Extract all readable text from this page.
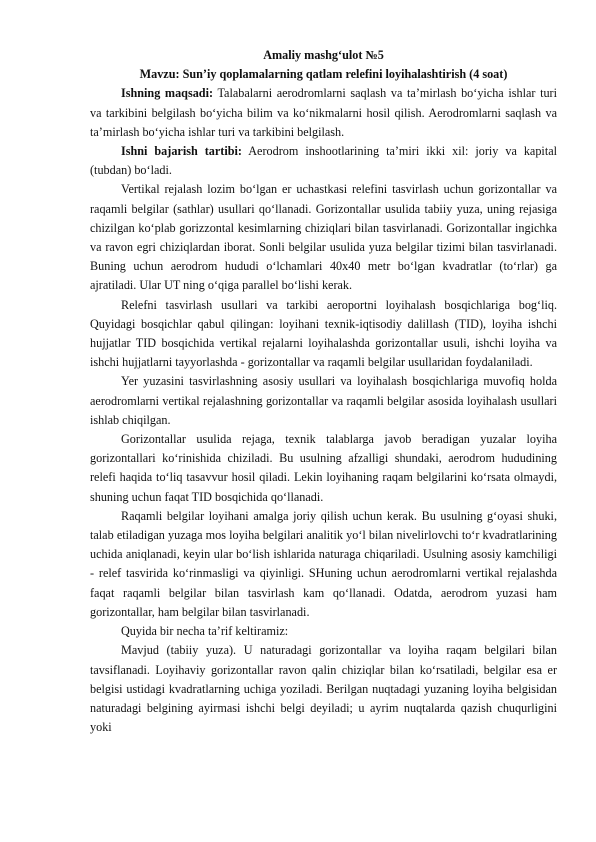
Amaliy mashg‘ulot №5
Mavzu: Sun’iy qoplamalarning qatlam relefini loyihalashtirish (4 soat)

Ishning maqsadi: Talabalarni aerodromlarni saqlash va ta’mirlash bo‘yicha ishlar turi va tarkibini belgilash bo‘yicha bilim va ko‘nikmalarni hosil qilish. Aerodromlarni saqlash va ta’mirlash bo‘yicha ishlar turi va tarkibini belgilash.

Ishni bajarish tartibi: Aerodrom inshootlarining ta’miri ikki xil: joriy va kapital (tubdan) bo‘ladi.

Vertikal rejalash lozim bo‘lgan er uchastkasi relefini tasvirlash uchun gorizontallar va raqamli belgilar (sathlar) usullari qo‘llanadi. Gorizontallar usulida tabiiy yuza, uning rejasiga chizilgan ko‘plab gorizzontal kesimlarning chiziqlari bilan tasvirlanadi. Gorizontallar ingichka va ravon egri chiziqlardan iborat. Sonli belgilar usulida yuza belgilar tizimi bilan tasvirlanadi. Buning uchun aerodrom hududi o‘lchamlari 40x40 metr bo‘lgan kvadratlar (to‘rlar) ga ajratiladi. Ular UT ning o‘qiga parallel bo‘lishi kerak.

Relefni tasvirlash usullari va tarkibi aeroportni loyihalash bosqichlariga bog‘liq. Quyidagi bosqichlar qabul qilingan: loyihani texnik-iqtisodiy dalillash (TID), loyiha ishchi hujjatlar TID bosqichida vertikal rejalarni loyihalashda gorizontallar usuli, ishchi loyiha va ishchi hujjatlarni tayyorlashda - gorizontallar va raqamli belgilar usullaridan foydalaniladi.

Yer yuzasini tasvirlashning asosiy usullari va loyihalash bosqichlariga muvofiq holda aerodromlarni vertikal rejalashning gorizontallar va raqamli belgilar asosida loyihalash usullari ishlab chiqilgan.

Gorizontallar usulida rejaga, texnik talablarga javob beradigan yuzalar loyiha gorizontallari ko‘rinishida chiziladi. Bu usulning afzalligi shundaki, aerodrom hududining relefi haqida to‘liq tasavvur hosil qiladi. Lekin loyihaning raqam belgilarini ko‘rsata olmaydi, shuning uchun faqat TID bosqichida qo‘llanadi.

Raqamli belgilar loyihani amalga joriy qilish uchun kerak. Bu usulning g‘oyasi shuki, talab etiladigan yuzaga mos loyiha belgilari analitik yo‘l bilan nivelirlovchi to‘r kvadratlarining uchida aniqlanadi, keyin ular bo‘lish ishlarida naturaga chiqariladi. Usulning asosiy kamchiligi - relef tasvirida ko‘rinmasligi va qiyinligi. SHuning uchun aerodromlarni vertikal rejalashda faqat raqamli belgilar bilan tasvirlash kam qo‘llanadi. Odatda, aerodrom yuzasi ham gorizontallar, ham belgilar bilan tasvirlanadi.

Quyida bir necha ta’rif keltiramiz:

Mavjud (tabiiy yuza). U naturadagi gorizontallar va loyiha raqam belgilari bilan tavsiflanadi. Loyihaviy gorizontallar ravon qalin chiziqlar bilan ko‘rsatiladi, belgilar esa er belgisi ustidagi kvadratlarning uchiga yoziladi. Berilgan nuqtadagi yuzaning loyiha belgisidan naturadagi belgining ayirmasi ishchi belgi deyiladi; u ayrim nuqtalarda qazish chuqurligini yoki
